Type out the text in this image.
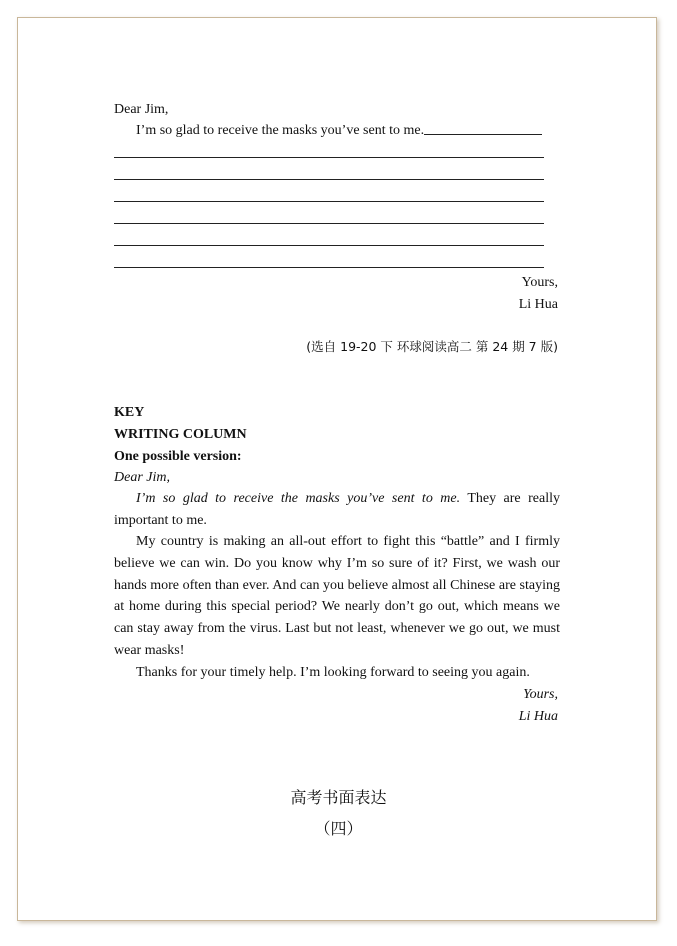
Dear Jim,
I’m so glad to receive the masks you’ve sent to me.
Yours,
Li Hua
(选自 19-20 下 环球阅读高二 第 24 期 7 版)
KEY
WRITING COLUMN
One possible version:
Dear Jim,
I’m so glad to receive the masks you’ve sent to me. They are really important to me.
My country is making an all-out effort to fight this “battle” and I firmly believe we can win. Do you know why I’m so sure of it? First, we wash our hands more often than ever. And can you believe almost all Chinese are staying at home during this special period? We nearly don’t go out, which means we can stay away from the virus. Last but not least, whenever we go out, we must wear masks!
Thanks for your timely help. I’m looking forward to seeing you again.
Yours,
Li Hua
高考书面表达
（四）
